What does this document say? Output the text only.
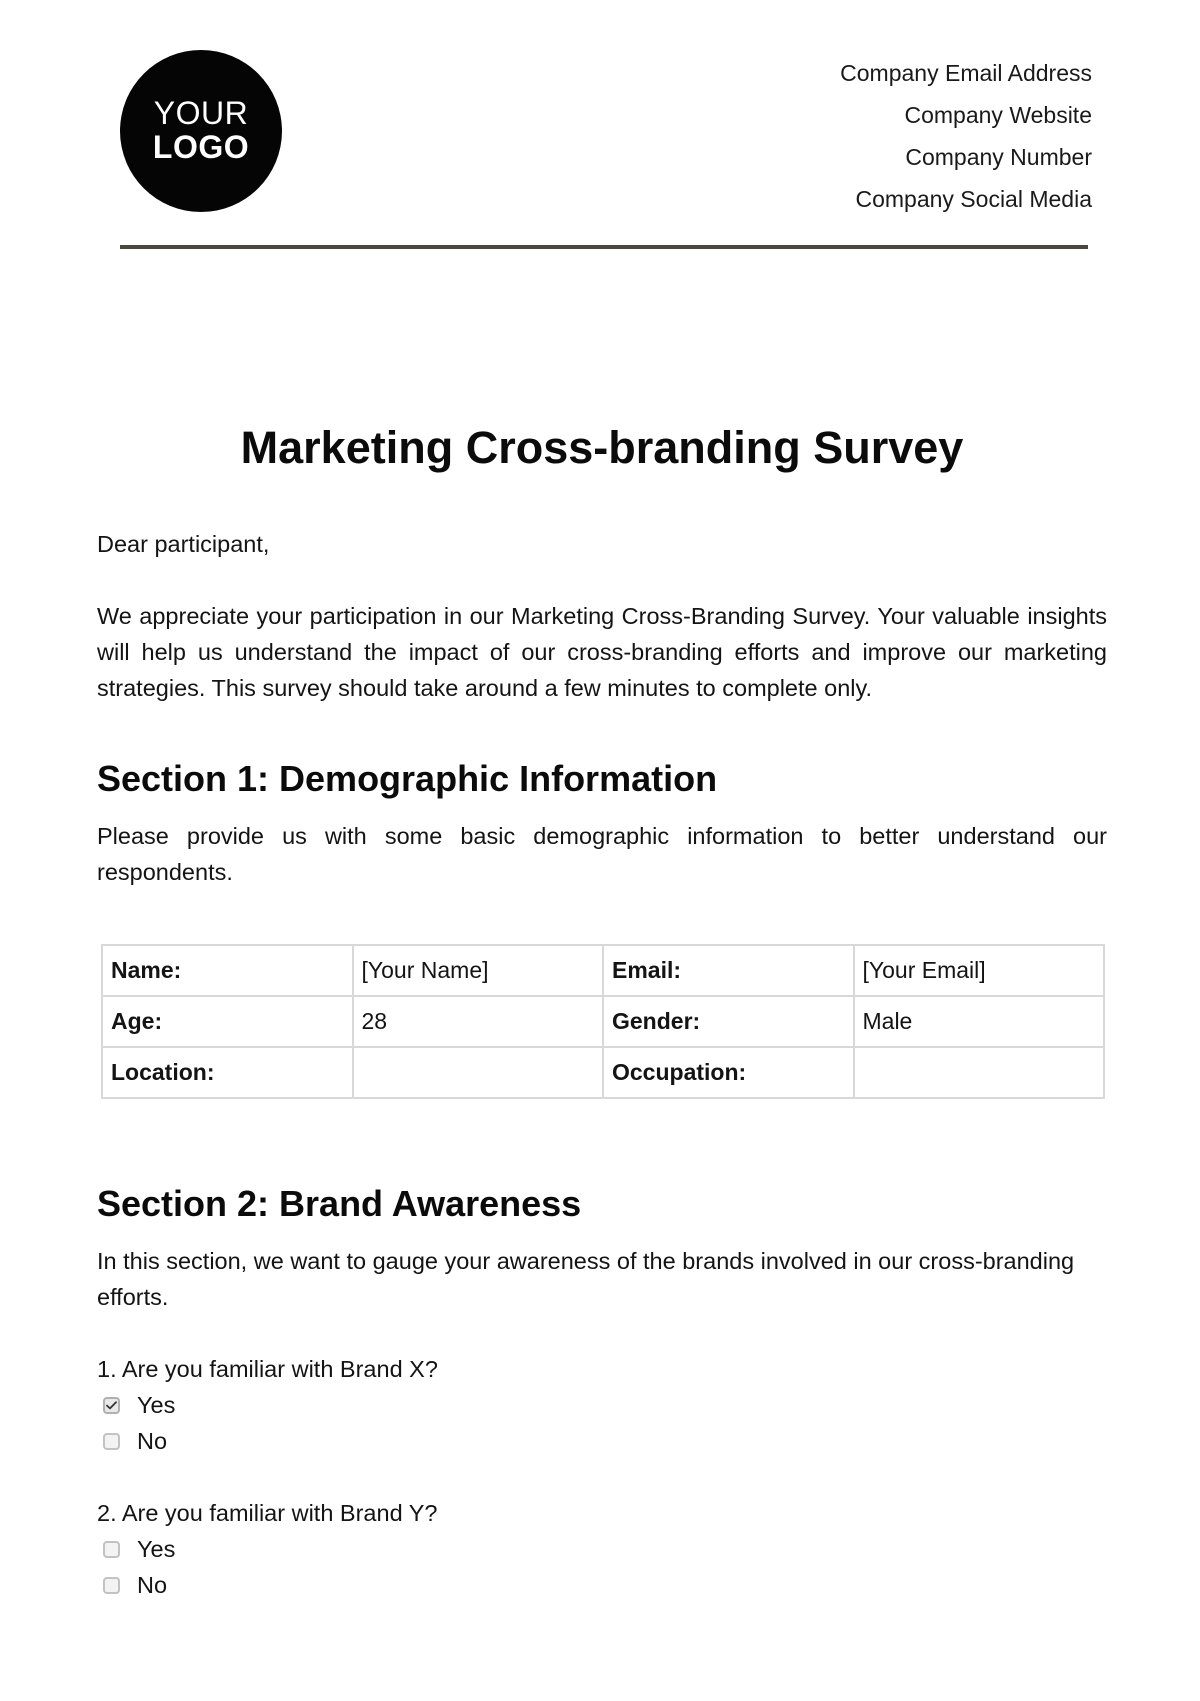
YOUR
LOGO
Company Email Address
Company Website
Company Number
Company Social Media
Marketing Cross-branding Survey

Dear participant,

We appreciate your participation in our Marketing Cross-Branding Survey. Your valuable insights will help us understand the impact of our cross-branding efforts and improve our marketing strategies. This survey should take around a few minutes to complete only.

Section 1: Demographic Information

Please provide us with some basic demographic information to better understand our respondents.

Name:	[Your Name]	Email:	[Your Email]
Age:	28	Gender:	Male
Location:		Occupation:	
Section 2: Brand Awareness

In this section, we want to gauge your awareness of the brands involved in our cross-branding efforts.

1. Are you familiar with Brand X?
Yes
No
2. Are you familiar with Brand Y?
Yes
No
